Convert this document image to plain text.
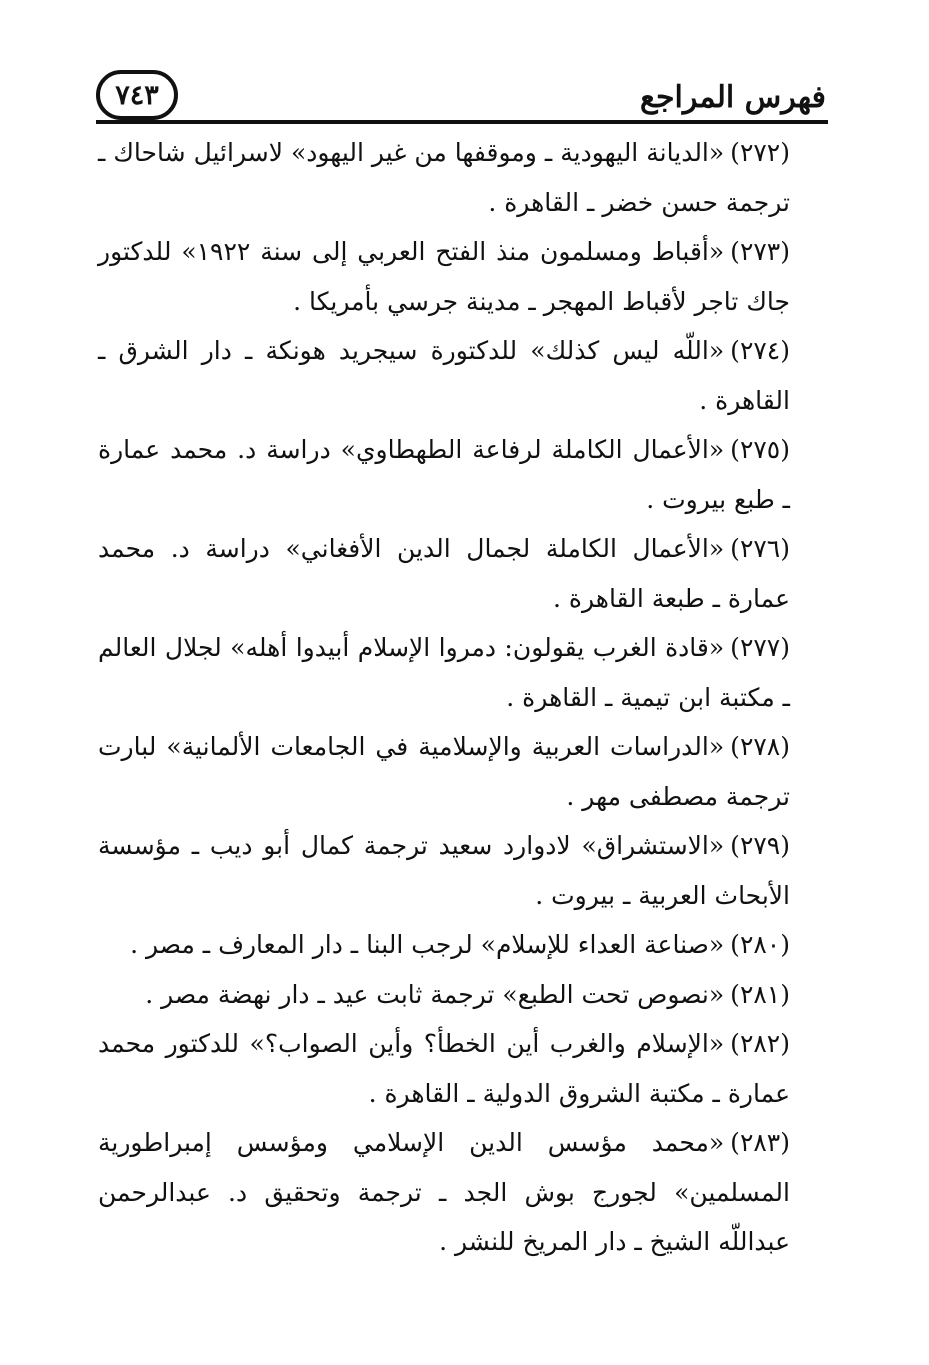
فهرس المراجع
٧٤٣

(٢٧٢)«الديانة اليهودية ـ وموقفها من غير اليهود» لاسرائيل شاحاك ـ ترجمة حسن خضر ـ القاهرة .

(٢٧٣)«أقباط ومسلمون منذ الفتح العربي إلى سنة ١٩٢٢» للدكتور جاك تاجر لأقباط المهجر ـ مدينة جرسي بأمريكا .

(٢٧٤)«اللّه ليس كذلك» للدكتورة سيجريد هونكة ـ دار الشرق ـ القاهرة .

(٢٧٥)«الأعمال الكاملة لرفاعة الطهطاوي» دراسة د. محمد عمارة ـ طبع بيروت .

(٢٧٦)«الأعمال الكاملة لجمال الدين الأفغاني» دراسة د. محمد عمارة ـ طبعة القاهرة .

(٢٧٧)«قادة الغرب يقولون: دمروا الإسلام أبيدوا أهله» لجلال العالم ـ مكتبة ابن تيمية ـ القاهرة .

(٢٧٨)«الدراسات العربية والإسلامية في الجامعات الألمانية» لبارت ترجمة مصطفى مهر .

(٢٧٩)«الاستشراق» لادوارد سعيد ترجمة كمال أبو ديب ـ مؤسسة الأبحاث العربية ـ بيروت .

(٢٨٠)«صناعة العداء للإسلام» لرجب البنا ـ دار المعارف ـ مصر .

(٢٨١)«نصوص تحت الطبع» ترجمة ثابت عيد ـ دار نهضة مصر .

(٢٨٢)«الإسلام والغرب أين الخطأ؟ وأين الصواب؟» للدكتور محمد عمارة ـ مكتبة الشروق الدولية ـ القاهرة .

(٢٨٣)«محمد مؤسس الدين الإسلامي ومؤسس إمبراطورية المسلمين» لجورج بوش الجد ـ ترجمة وتحقيق د. عبدالرحمن عبداللّه الشيخ ـ دار المريخ للنشر .
